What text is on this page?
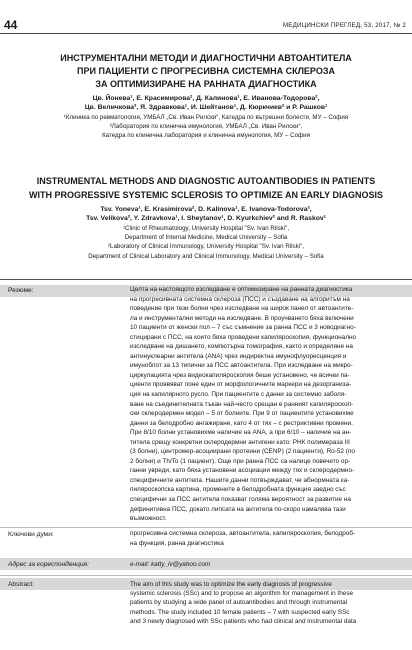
44	МЕДИЦИНСКИ ПРЕГЛЕД, 53, 2017, № 2
ИНСТРУМЕНТАЛНИ МЕТОДИ И ДИАГНОСТИЧНИ АВТОАНТИТЕЛА
ПРИ ПАЦИЕНТИ С ПРОГРЕСИВНА СИСТЕМНА СКЛЕРОЗА
ЗА ОПТИМИЗИРАНЕ НА РАННАТА ДИАГНОСТИКА
Цв. Йонева¹, Е. Красимирова², Д. Калинова¹, Е. Иванова-Тодорова²,
Цв. Величкова², Я. Здравкова¹, И. Шейтанов¹, Д. Кюркчиев² и Р. Рашков¹
¹Клиника по ревматология, УМБАЛ „Св. Иван Рилски“, Катедра по вътрешни болести, МУ – София
²Лаборатория по клинична имунология, УМБАЛ „Св. Иван Рилски“,
Катедра по клинична лаборатория и клинична имунология, МУ – София
INSTRUMENTAL METHODS AND DIAGNOSTIC AUTOANTIBODIES IN PATIENTS
WITH PROGRESSIVE SYSTEMIC SCLEROSIS TO OPTIMIZE AN EARLY DIAGNOSIS
Tsv. Yoneva¹, E. Krasimirova², D. Kalinova¹, E. Ivanova-Todorova²,
Tsv. Velikova², Y. Zdravkova¹, I. Sheytanov¹, D. Kyurkchiev² and R. Raskov¹
¹Clinic of Rheumatology, University Hospital "Sv. Ivan Rilski",
Department of Internal Medicine, Medical University – Sofia
²Laboratory of Clinical Immunology, University Hospital "Sv. Ivan Rilski",
Department of Clinical Laboratory and Clinical Immunology, Medical University – Sofia
Резюме:	Целта на настоящото изследване е оптимизиране на ранната диагностика
на прогресивната системна склероза (ПСС) и създаване на алгоритъм на
поведение при тези болни чрез изследване на широк панел от автоантите-
ла и инструментални методи на изследване. В проучването бяха включени
10 пациенти от женски пол – 7 със съмнение за ранна ПСС и 3 новодиагно-
стицирани с ПСС, на които бяха проведени капиляроскопия, функционално
изследване на дишането, компютърна томография, както и определяне на
антинуклеарни антитела (ANA) чрез индиректна имунофлуоресценция и
имуноблот за 13 типични за ПСС автоантитела. При изследване на микро-
циркулацията чрез видеокапиляроскопия беше установено, че всички па-
циенти проявяват поне един от морфологичните маркери на дезорганиза-
ция на капилярното русло. При пациентите с данни за системно заболя-
ване на съединителната тъкан най-често срещан е ранният капиляроскоп-
ски склеродермен модел – 5 от болните. При 9 от пациентите установихме
данни за белодробно ангажиране, като 4 от тях – с рестриктивни промени.
При 8/10 болни установихме наличие на ANA, а при 6/10 – наличие на ан-
титела срещу конкретни склеродермни антигени като: РНК полимераза III
(3 болни), центромер-асоциирани протеини (CENP) (2 пациенти), Ro-52 (по
2 болни) и Th/To (1 пациент). Още при ранна ПСС са налице повечето ор-
ганни увреди, като бяха установени асоциации между тях и склеродермно-
специфичните антитела. Нашите данни потвърждават, че абнормната ка-
пиляроскопска картина, промените в белодробната функция заедно със
специфични за ПСС антитела показват голяма вероятност за развитие на
дефинитивна ПСС, докато липсата на антитела по-скоро намалява тази
възможност.
Ключови думи:	прогресивна системна склероза, автоантитела, капиляроскопия, белодроб-
на функция, ранна диагностика
Адрес за кореспонденция:	e-mail: katty_iv@yahoo.com
Abstract:	The aim of this study was to optimize the early diagnosis of progressive
systemic sclerosis (SSc) and to propose an algorithm for management in these
patients by studying a wide panel of autoantibodies and through instrumental
methods. The study included 10 female patients – 7 with suspected early SSc
and 3 newly diagnosed with SSc patients who had clinical and instrumental data
